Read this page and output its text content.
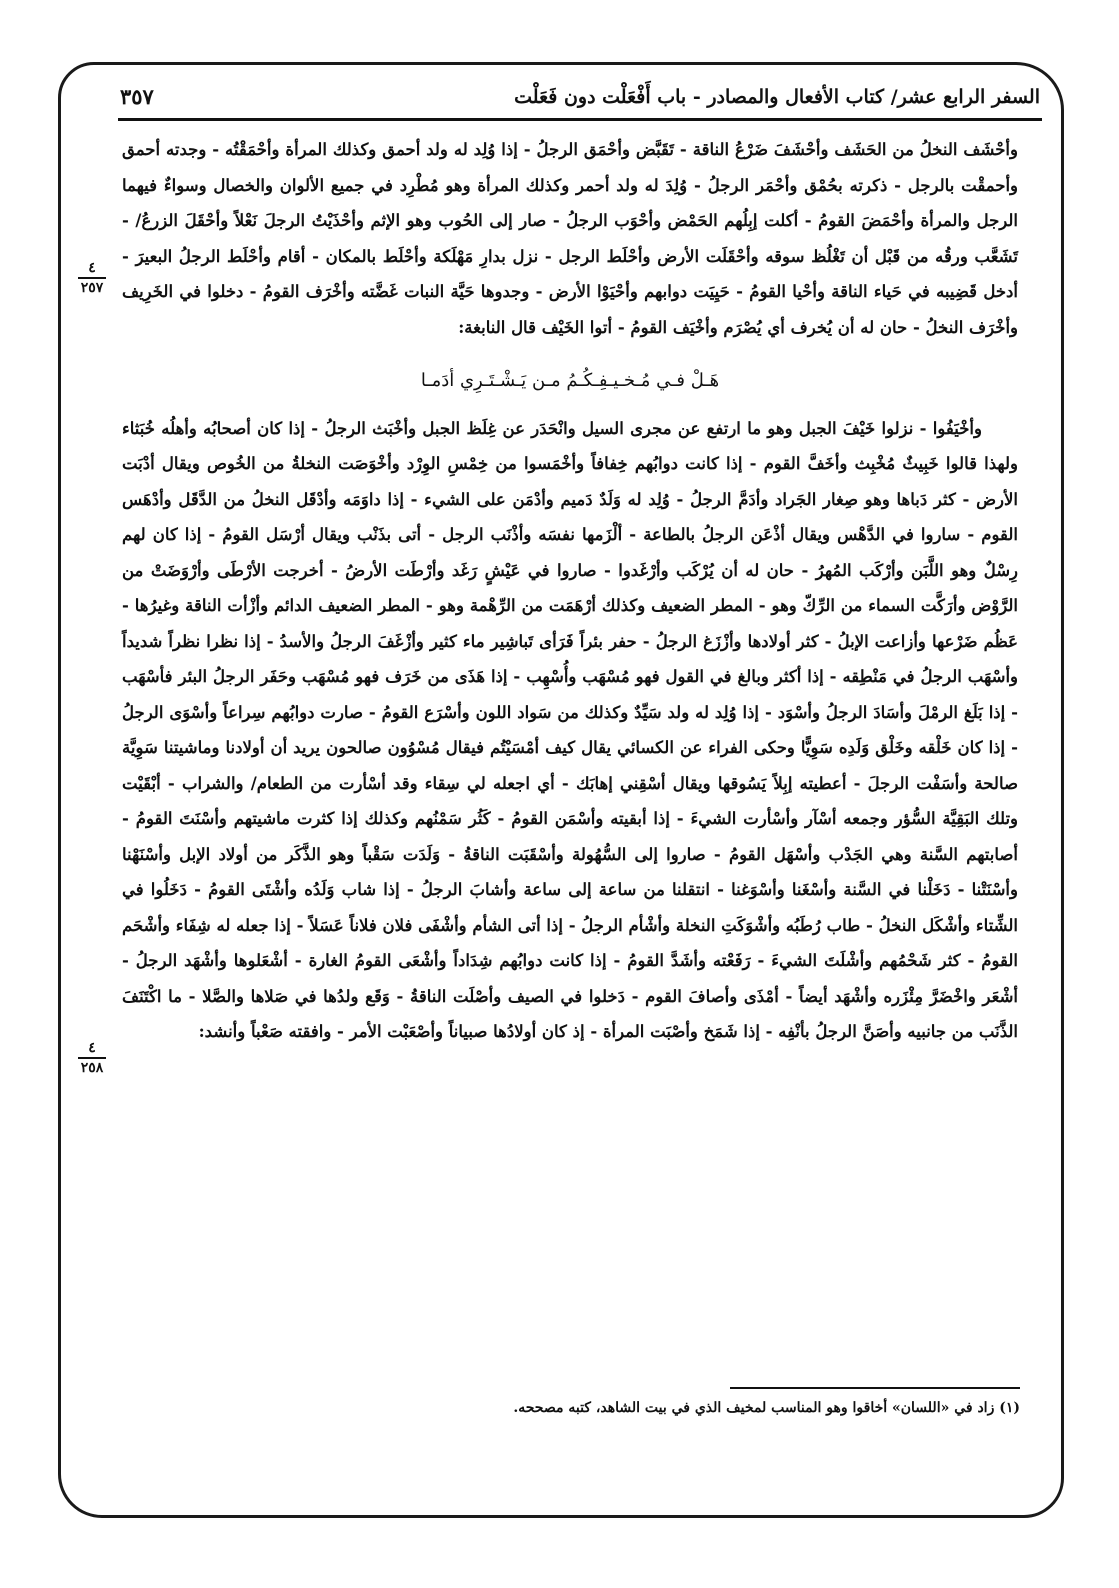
السفر الرابع عشر/ كتاب الأفعال والمصادر - باب أَفْعَلْت دون فَعَلْت
٣٥٧
٤
٢٥٧
٤
٢٥٨

وأحْشَف النخلُ من الحَشَف وأحْشَفَ ضَرْعُ الناقة - تَقَبَّض وأحْمَق الرجلُ - إذا وُلِد له ولد أحمق وكذلك المرأة وأحْمَقْتُه - وجدته أحمق وأحمقْت بالرجل - ذكرته بحُمْق وأحْمَر الرجلُ - وُلِدَ له ولد أحمر وكذلك المرأة وهو مُطْرِد في جميع الألوان والخصال وسواءٌ فيهما الرجل والمرأة وأحْمَضَ القومُ - أكلت إبِلُهم الحَمْض وأحْوَب الرجلُ - صار إلى الحُوب وهو الإثم وأحْذَيْتُ الرجلَ نَعْلاً وأحْقَلَ الزرعُ/ - تَشَعَّب ورقُه من قَبْل أن تَغْلُظ سوقه وأحْقَلَت الأرض وأحْلَط الرجل - نزل بدارِ مَهْلَكة وأحْلَط بالمكان - أقام وأحْلَط الرجلُ البعيرَ - أدخل قَضِيبه في حَياء الناقة وأحْيا القومُ - حَيِيَت دوابهم وأحْيَوْا الأرض - وجدوها حَيَّة النبات غَضَّته وأخْرَف القومُ - دخلوا في الخَرِيف وأخْرَف النخلُ - حان له أن يُخرف أي يُصْرَم وأخْيَف القومُ - أتوا الخَيْف قال النابغة:

هَـلْ فـي مُـخـيـفِـكُـمُ مـن يَـشْـتَـرِي أدَمـا

وأخْيَفُوا - نزلوا خَيْفَ الجبل وهو ما ارتفع عن مجرى السيل وانْحَدَر عن غِلَظ الجبل وأخْبَث الرجلُ - إذا كان أصحابُه وأهلُه خُبَثاء ولهذا قالوا خَبِيثٌ مُخْبِث وأخَفَّ القوم - إذا كانت دوابُهم خِفافاً وأخْمَسوا من خِمْسِ الوِرْد وأخْوَصَت النخلةُ من الخُوص ويقال أدْبَت الأرض - كثر دَباها وهو صِغار الجَراد وأدَمَّ الرجلُ - وُلِد له وَلَدٌ دَميم وأدْمَن على الشيء - إذا داوَمَه وأدْقَل النخلُ من الدَّقَل وأدْهَس القوم - ساروا في الدَّهْس ويقال أذْعَن الرجلُ بالطاعة - ألْزَمها نفسَه وأذْنَب الرجل - أتى بذَنْب ويقال أرْسَل القومُ - إذا كان لهم رِسْلٌ وهو اللَّبَن وأرْكَب المُهرُ - حان له أن يُرْكَب وأرْغَدوا - صاروا في عَيْشٍ رَغَد وأرْطَت الأرضُ - أخرجت الأرْطَى وأرْوَضَتْ من الرَّوْض وأرَكَّت السماء من الرِّكّ وهو - المطر الضعيف وكذلك أرْهَمَت من الرِّهْمة وهو - المطر الضعيف الدائم وأزْأت الناقة وغيرُها - عَظُم ضَرْعها وأزاعت الإبلُ - كثر أولادها وأزْزَغ الرجلُ - حفر بئراً فَرَأى تَباشِير ماء كثير وأزْغَفَ الرجلُ والأسدُ - إذا نظرا نظراً شديداً وأسْهَب الرجلُ في مَنْطِقه - إذا أكثر وبالغ في القول فهو مُسْهَب وأُسْهِب - إذا هَذَى من خَرَف فهو مُسْهَب وحَفَر الرجلُ البئر فأسْهَب - إذا بَلَغ الرمْلَ وأسَادَ الرجلُ وأسْوَد - إذا وُلِد له ولد سَيِّدٌ وكذلك من سَواد اللون وأسْرَع القومُ - صارت دوابُهم سِراعاً وأسْوَى الرجلُ - إذا كان خَلْقه وخَلْق وَلَدِه سَوِيًّا وحكى الفراء عن الكسائي يقال كيف أمْسَيْتُم فيقال مُسْوُون صالحون يريد أن أولادنا وماشيتنا سَوِيَّة صالحة وأسَفْت الرجلَ - أعطيته إبِلاً يَسُوقها ويقال أسْقِني إهابَك - أي اجعله لي سِقاء وقد أسْأرت من الطعام/ والشراب - أبْقَيْت وتلك البَقِيَّة السُّؤر وجمعه أسْآر وأسْأرت الشيءَ - إذا أبقيته وأسْمَن القومُ - كَثُر سَمْنُهم وكذلك إذا كثرت ماشيتهم وأسْنَتَ القومُ - أصابتهم السَّنة وهي الجَدْب وأسْهَل القومُ - صاروا إلى السُّهُولة وأسْقَبَت الناقةُ - وَلَدَت سَقْباً وهو الذَّكَر من أولاد الإبل وأسْنَهْنا وأسْنَتْنا - دَخَلْنا في السَّنة وأسْغَنا وأسْوَغنا - انتقلنا من ساعة إلى ساعة وأشابَ الرجلُ - إذا شاب وَلَدُه وأشْتَى القومُ - دَخَلُوا في الشِّتاء وأشْكَل النخلُ - طاب رُطَبُه وأشْوَكَتِ النخلة وأشْأم الرجلُ - إذا أتى الشأم وأشْفَى فلان فلاناً عَسَلاً - إذا جعله له شِفَاء وأشْحَم القومُ - كثر شَحْمُهم وأشْلَتَ الشيءَ - رَفَعْته وأشَدَّ القومُ - إذا كانت دوابُهم شِدَاداً وأشْعَى القومُ الغارة - أشْعَلوها وأشْهَد الرجلُ - أشْعَر واخْضَرَّ مِئْزَره وأشْهَد أيضاً - أمْذَى وأصافَ القوم - دَخلوا في الصيف وأصْلَت الناقةُ - وَقَع ولدُها في صَلاها والصَّلا - ما اكْتَنَفَ الذَّنَب من جانبيه وأصَنَّ الرجلُ بأنْفِه - إذا شَمَخ وأصْبَت المرأة - إذ كان أولادُها صبياناً وأصْعَبْت الأمر - وافقته صَعْباً وأنشد:

(١) زاد في «اللسان» أخاقوا وهو المناسب لمخيف الذي في بيت الشاهد، كتبه مصححه.
